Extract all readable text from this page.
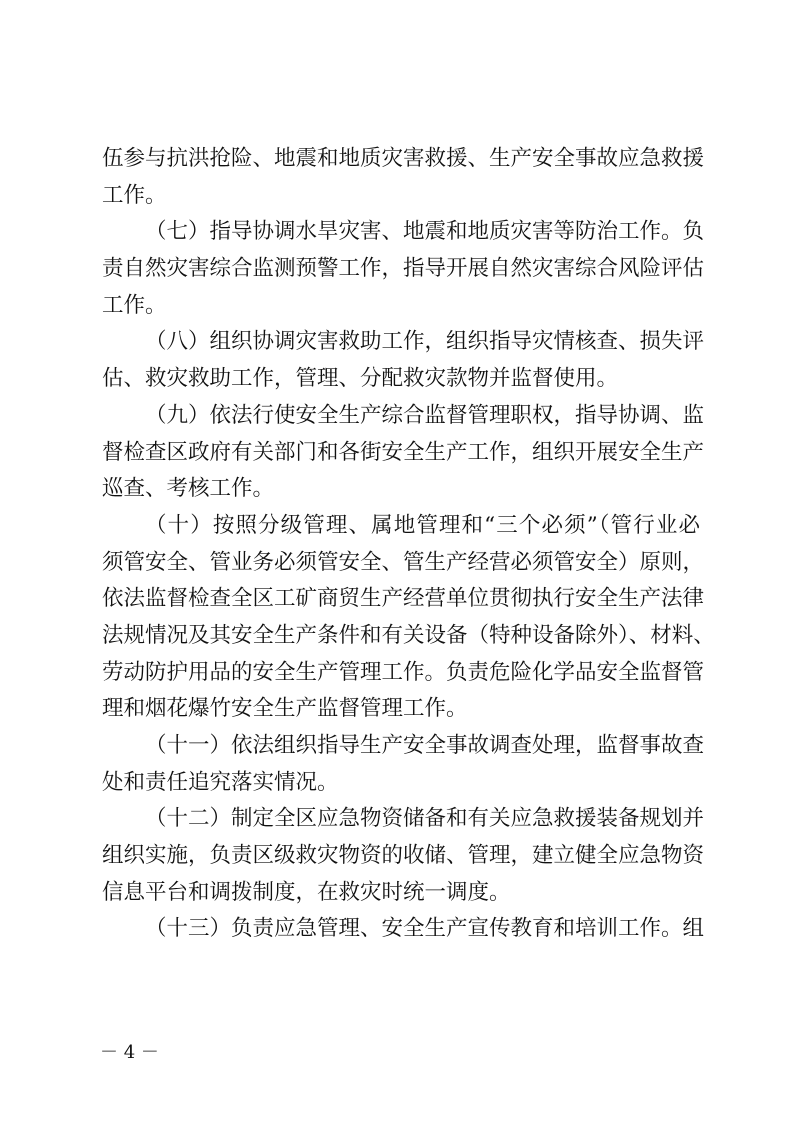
伍参与抗洪抢险、地震和地质灾害救援、生产安全事故应急救援
工作。
（七）指导协调水旱灾害、地震和地质灾害等防治工作。负
责自然灾害综合监测预警工作，指导开展自然灾害综合风险评估
工作。
（八）组织协调灾害救助工作，组织指导灾情核查、损失评
估、救灾救助工作，管理、分配救灾款物并监督使用。
（九）依法行使安全生产综合监督管理职权，指导协调、监
督检查区政府有关部门和各街安全生产工作，组织开展安全生产
巡查、考核工作。
（十）按照分级管理、属地管理和“三个必须”（管行业必
须管安全、管业务必须管安全、管生产经营必须管安全）原则，
依法监督检查全区工矿商贸生产经营单位贯彻执行安全生产法律
法规情况及其安全生产条件和有关设备（特种设备除外）、材料、
劳动防护用品的安全生产管理工作。负责危险化学品安全监督管
理和烟花爆竹安全生产监督管理工作。
（十一）依法组织指导生产安全事故调查处理，监督事故查
处和责任追究落实情况。
（十二）制定全区应急物资储备和有关应急救援装备规划并
组织实施，负责区级救灾物资的收储、管理，建立健全应急物资
信息平台和调拨制度，在救灾时统一调度。
（十三）负责应急管理、安全生产宣传教育和培训工作。组
－ 4 －
